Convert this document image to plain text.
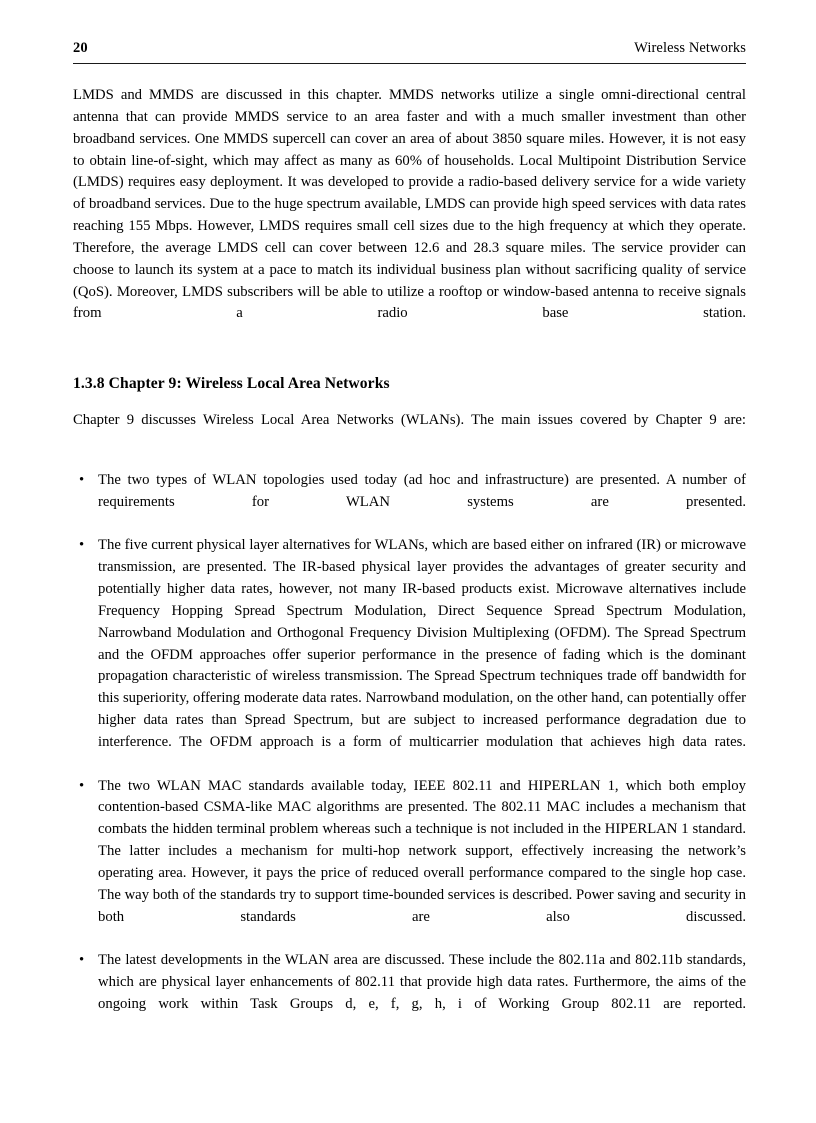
20	Wireless Networks

LMDS and MMDS are discussed in this chapter. MMDS networks utilize a single omni-directional central antenna that can provide MMDS service to an area faster and with a much smaller investment than other broadband services. One MMDS supercell can cover an area of about 3850 square miles. However, it is not easy to obtain line-of-sight, which may affect as many as 60% of households. Local Multipoint Distribution Service (LMDS) requires easy deployment. It was developed to provide a radio-based delivery service for a wide variety of broadband services. Due to the huge spectrum available, LMDS can provide high speed services with data rates reaching 155 Mbps. However, LMDS requires small cell sizes due to the high frequency at which they operate. Therefore, the average LMDS cell can cover between 12.6 and 28.3 square miles. The service provider can choose to launch its system at a pace to match its individual business plan without sacrificing quality of service (QoS). Moreover, LMDS subscribers will be able to utilize a rooftop or window-based antenna to receive signals from a radio base station.

1.3.8 Chapter 9: Wireless Local Area Networks

Chapter 9 discusses Wireless Local Area Networks (WLANs). The main issues covered by Chapter 9 are:

• The two types of WLAN topologies used today (ad hoc and infrastructure) are presented. A number of requirements for WLAN systems are presented.
• The five current physical layer alternatives for WLANs, which are based either on infrared (IR) or microwave transmission, are presented. The IR-based physical layer provides the advantages of greater security and potentially higher data rates, however, not many IR-based products exist. Microwave alternatives include Frequency Hopping Spread Spectrum Modulation, Direct Sequence Spread Spectrum Modulation, Narrowband Modulation and Orthogonal Frequency Division Multiplexing (OFDM). The Spread Spectrum and the OFDM approaches offer superior performance in the presence of fading which is the dominant propagation characteristic of wireless transmission. The Spread Spectrum techniques trade off bandwidth for this superiority, offering moderate data rates. Narrowband modulation, on the other hand, can potentially offer higher data rates than Spread Spectrum, but are subject to increased performance degradation due to interference. The OFDM approach is a form of multicarrier modulation that achieves high data rates.
• The two WLAN MAC standards available today, IEEE 802.11 and HIPERLAN 1, which both employ contention-based CSMA-like MAC algorithms are presented. The 802.11 MAC includes a mechanism that combats the hidden terminal problem whereas such a technique is not included in the HIPERLAN 1 standard. The latter includes a mechanism for multi-hop network support, effectively increasing the network’s operating area. However, it pays the price of reduced overall performance compared to the single hop case. The way both of the standards try to support time-bounded services is described. Power saving and security in both standards are also discussed.
• The latest developments in the WLAN area are discussed. These include the 802.11a and 802.11b standards, which are physical layer enhancements of 802.11 that provide high data rates. Furthermore, the aims of the ongoing work within Task Groups d, e, f, g, h, i of Working Group 802.11 are reported.
